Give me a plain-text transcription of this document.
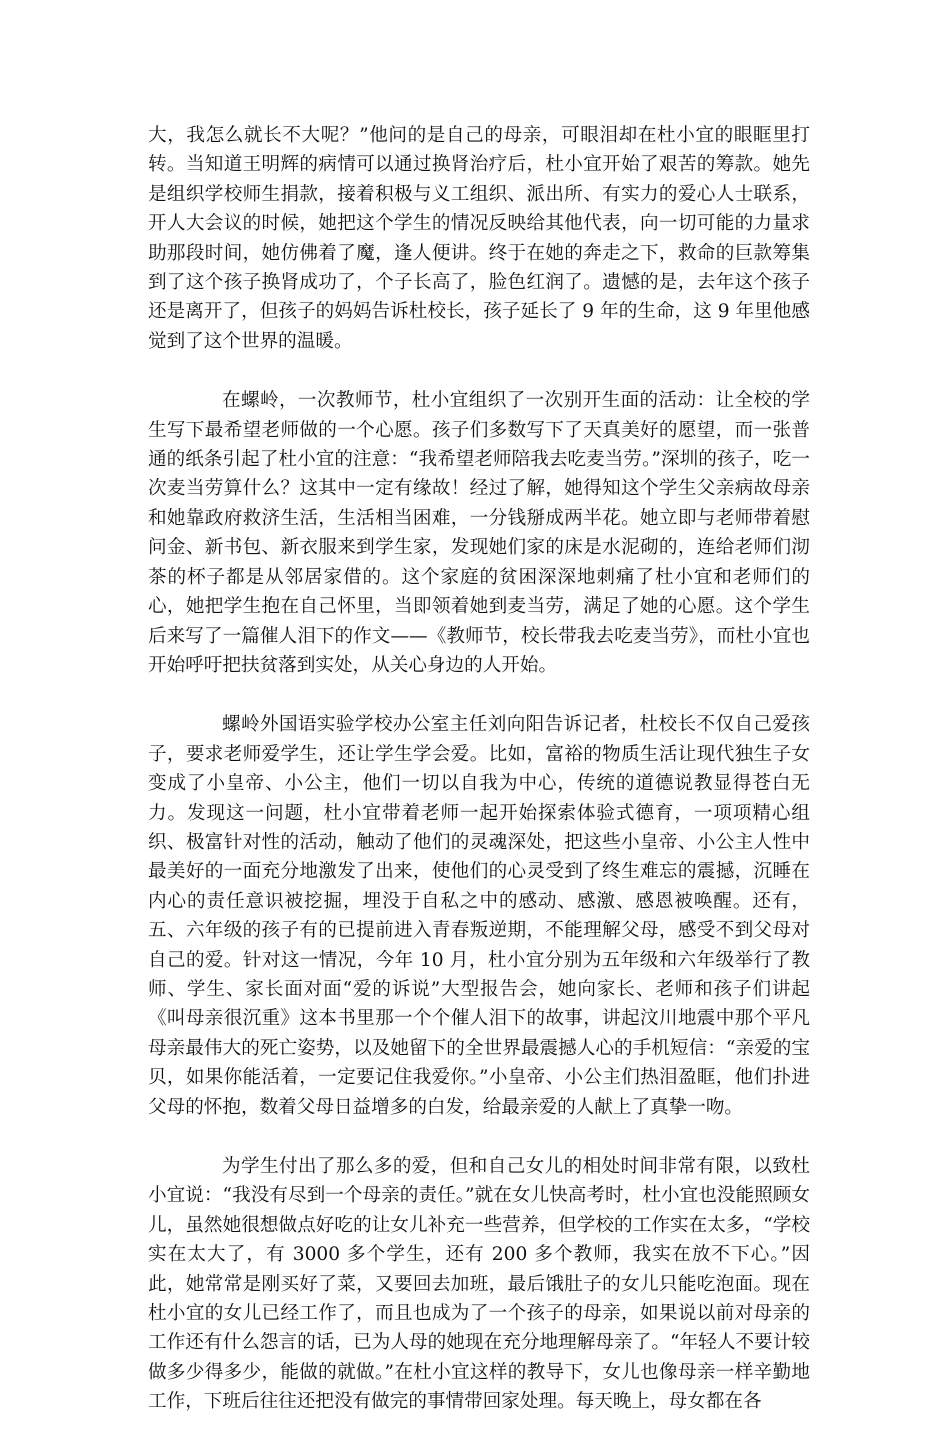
大，我怎么就长不大呢？”他问的是自己的母亲，可眼泪却在杜小宜的眼眶里打转。当知道王明辉的病情可以通过换肾治疗后，杜小宜开始了艰苦的筹款。她先是组织学校师生捐款，接着积极与义工组织、派出所、有实力的爱心人士联系，开人大会议的时候，她把这个学生的情况反映给其他代表，向一切可能的力量求助那段时间，她仿佛着了魔，逢人便讲。终于在她的奔走之下，救命的巨款筹集到了这个孩子换肾成功了，个子长高了，脸色红润了。遗憾的是，去年这个孩子还是离开了，但孩子的妈妈告诉杜校长，孩子延长了 9 年的生命，这 9 年里他感觉到了这个世界的温暖。

在螺岭，一次教师节，杜小宜组织了一次别开生面的活动：让全校的学生写下最希望老师做的一个心愿。孩子们多数写下了天真美好的愿望，而一张普通的纸条引起了杜小宜的注意：“我希望老师陪我去吃麦当劳。”深圳的孩子，吃一次麦当劳算什么？这其中一定有缘故！经过了解，她得知这个学生父亲病故母亲和她靠政府救济生活，生活相当困难，一分钱掰成两半花。她立即与老师带着慰问金、新书包、新衣服来到学生家，发现她们家的床是水泥砌的，连给老师们沏茶的杯子都是从邻居家借的。这个家庭的贫困深深地刺痛了杜小宜和老师们的心，她把学生抱在自己怀里，当即领着她到麦当劳，满足了她的心愿。这个学生后来写了一篇催人泪下的作文——《教师节，校长带我去吃麦当劳》，而杜小宜也开始呼吁把扶贫落到实处，从关心身边的人开始。

螺岭外国语实验学校办公室主任刘向阳告诉记者，杜校长不仅自己爱孩子，要求老师爱学生，还让学生学会爱。比如，富裕的物质生活让现代独生子女变成了小皇帝、小公主，他们一切以自我为中心，传统的道德说教显得苍白无力。发现这一问题，杜小宜带着老师一起开始探索体验式德育，一项项精心组织、极富针对性的活动，触动了他们的灵魂深处，把这些小皇帝、小公主人性中最美好的一面充分地激发了出来，使他们的心灵受到了终生难忘的震撼，沉睡在内心的责任意识被挖掘，埋没于自私之中的感动、感激、感恩被唤醒。还有，五、六年级的孩子有的已提前进入青春叛逆期，不能理解父母，感受不到父母对自己的爱。针对这一情况，今年 10 月，杜小宜分别为五年级和六年级举行了教师、学生、家长面对面“爱的诉说”大型报告会，她向家长、老师和孩子们讲起《叫母亲很沉重》这本书里那一个个催人泪下的故事，讲起汶川地震中那个平凡母亲最伟大的死亡姿势，以及她留下的全世界最震撼人心的手机短信：“亲爱的宝贝，如果你能活着，一定要记住我爱你。”小皇帝、小公主们热泪盈眶，他们扑进父母的怀抱，数着父母日益增多的白发，给最亲爱的人献上了真挚一吻。

为学生付出了那么多的爱，但和自己女儿的相处时间非常有限，以致杜小宜说：“我没有尽到一个母亲的责任。”就在女儿快高考时，杜小宜也没能照顾女儿，虽然她很想做点好吃的让女儿补充一些营养，但学校的工作实在太多，“学校实在太大了，有 3000 多个学生，还有 200 多个教师，我实在放不下心。”因此，她常常是刚买好了菜，又要回去加班，最后饿肚子的女儿只能吃泡面。现在杜小宜的女儿已经工作了，而且也成为了一个孩子的母亲，如果说以前对母亲的工作还有什么怨言的话，已为人母的她现在充分地理解母亲了。“年轻人不要计较做多少得多少，能做的就做。”在杜小宜这样的教导下，女儿也像母亲一样辛勤地工作，下班后往往还把没有做完的事情带回家处理。每天晚上，母女都在各
